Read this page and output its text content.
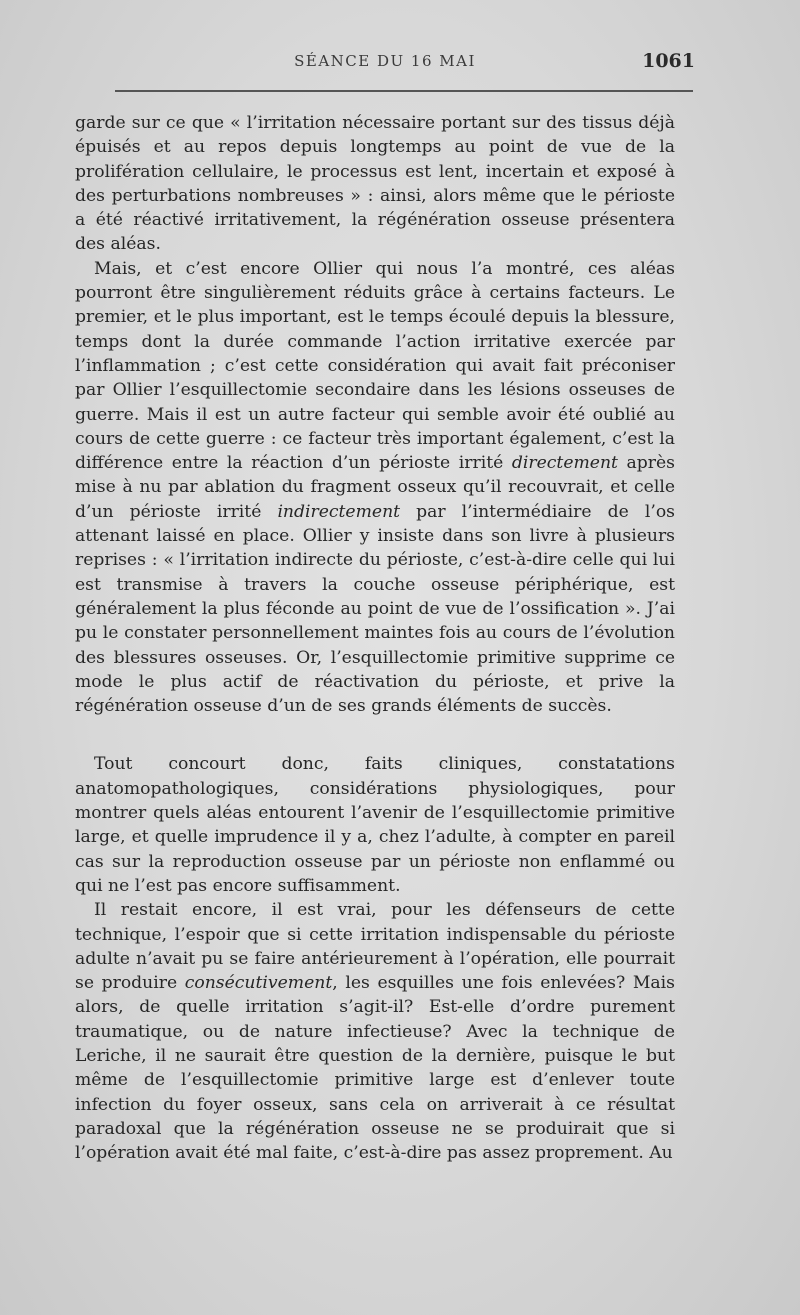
SÉANCE DU 16 MAI	1061

garde sur ce que « l’irritation nécessaire portant sur des tissus déjà épuisés et au repos depuis longtemps au point de vue de la prolifération cellulaire, le processus est lent, incertain et exposé à des perturbations nombreuses » : ainsi, alors même que le périoste a été réactivé irritativement, la régénération osseuse présentera des aléas.

Mais, et c’est encore Ollier qui nous l’a montré, ces aléas pourront être singulièrement réduits grâce à certains facteurs. Le premier, et le plus important, est le temps écoulé depuis la blessure, temps dont la durée commande l’action irritative exercée par l’inflammation ; c’est cette considération qui avait fait préconiser par Ollier l’esquillectomie secondaire dans les lésions osseuses de guerre. Mais il est un autre facteur qui semble avoir été oublié au cours de cette guerre : ce facteur très important également, c’est la différence entre la réaction d’un périoste irrité directement après mise à nu par ablation du fragment osseux qu’il recouvrait, et celle d’un périoste irrité indirectement par l’intermédiaire de l’os attenant laissé en place. Ollier y insiste dans son livre à plusieurs reprises : « l’irritation indirecte du périoste, c’est-à-dire celle qui lui est transmise à travers la couche osseuse périphérique, est généralement la plus féconde au point de vue de l’ossification ». J’ai pu le constater personnellement maintes fois au cours de l’évolution des blessures osseuses. Or, l’esquillectomie primitive supprime ce mode le plus actif de réactivation du périoste, et prive la régénération osseuse d’un de ses grands éléments de succès.

Tout concourt donc, faits cliniques, constatations anatomopathologiques, considérations physiologiques, pour montrer quels aléas entourent l’avenir de l’esquillectomie primitive large, et quelle imprudence il y a, chez l’adulte, à compter en pareil cas sur la reproduction osseuse par un périoste non enflammé ou qui ne l’est pas encore suffisamment.

Il restait encore, il est vrai, pour les défenseurs de cette technique, l’espoir que si cette irritation indispensable du périoste adulte n’avait pu se faire antérieurement à l’opération, elle pourrait se produire consécutivement, les esquilles une fois enlevées? Mais alors, de quelle irritation s’agit-il? Est-elle d’ordre purement traumatique, ou de nature infectieuse? Avec la technique de Leriche, il ne saurait être question de la dernière, puisque le but même de l’esquillectomie primitive large est d’enlever toute infection du foyer osseux, sans cela on arriverait à ce résultat paradoxal que la régénération osseuse ne se produirait que si l’opération avait été mal faite, c’est-à-dire pas assez proprement. Au
